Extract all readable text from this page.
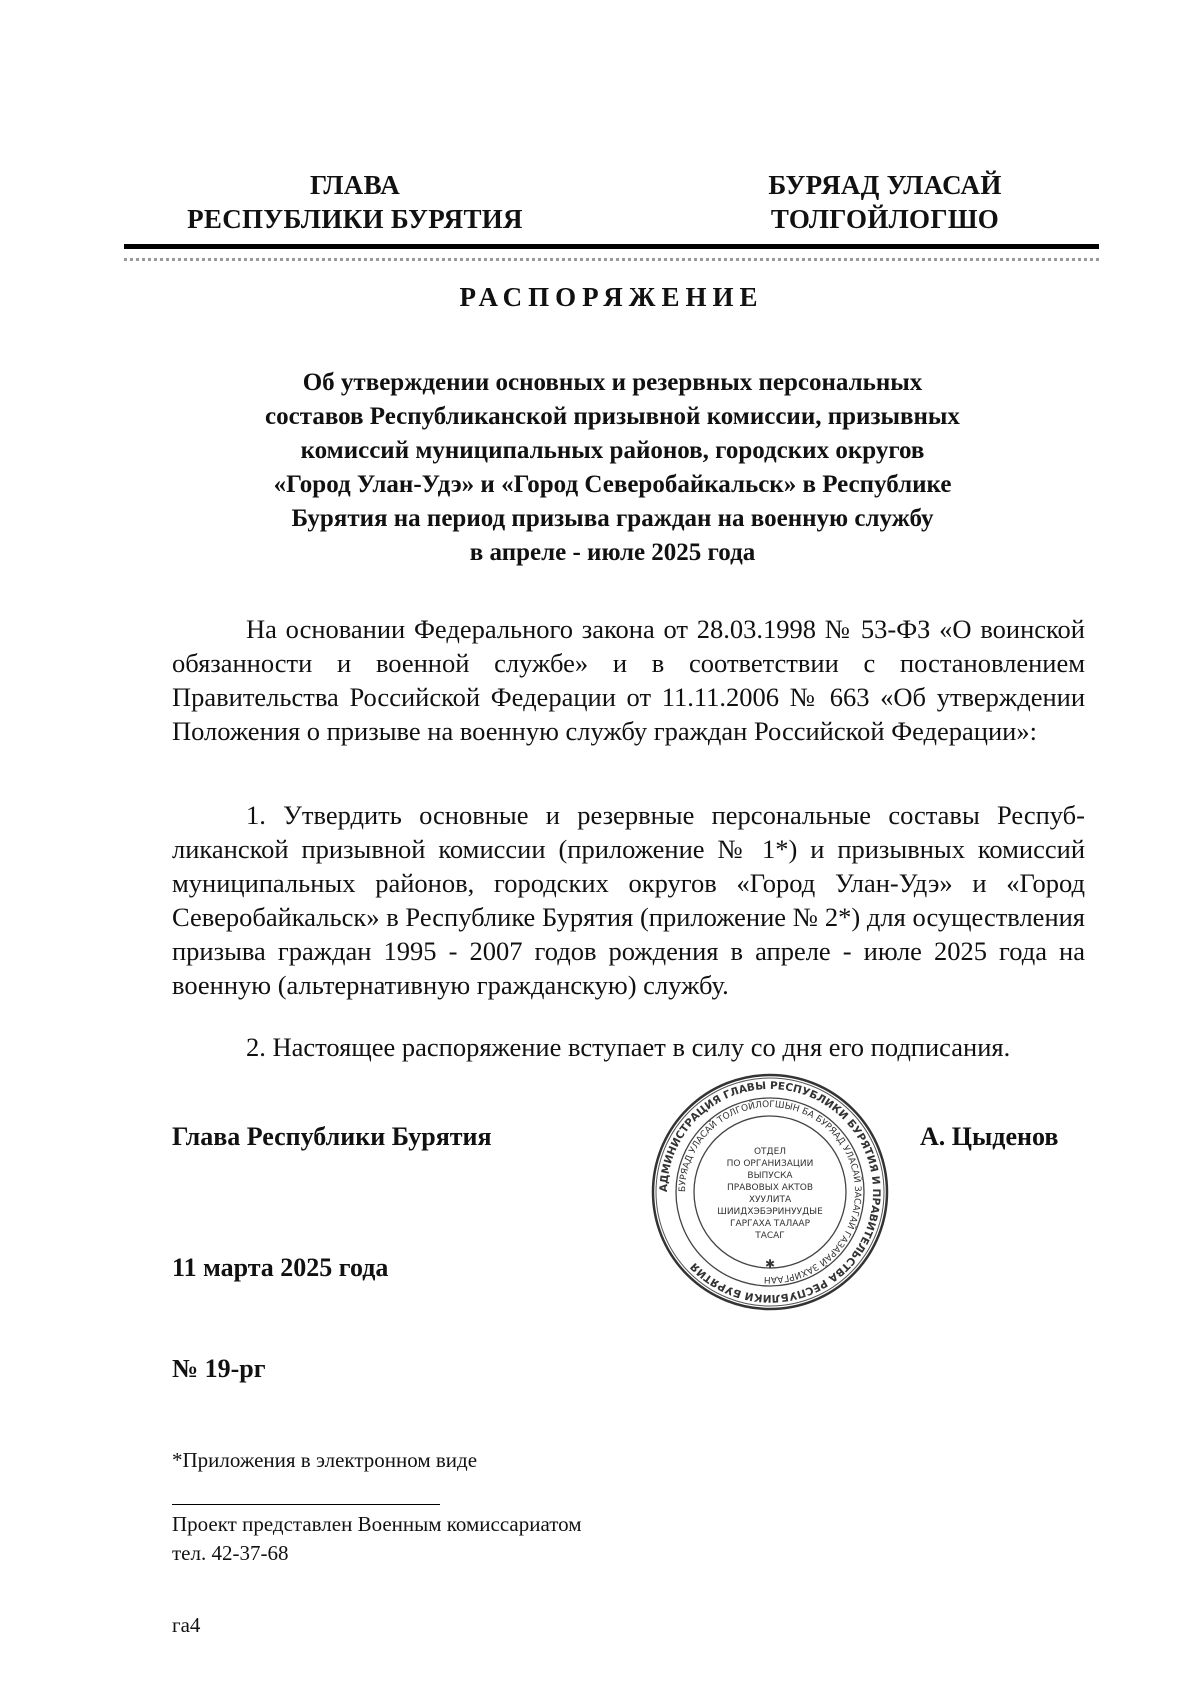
ГЛАВА
РЕСПУБЛИКИ БУРЯТИЯ
БУРЯАД УЛАСАЙ
ТОЛГОЙЛОГШО
РАСПОРЯЖЕНИЕ
Об утверждении основных и резервных персональных
составов Республиканской призывной комиссии, призывных
комиссий муниципальных районов, городских округов
«Город Улан-Удэ» и «Город Северобайкальск» в Республике
Бурятия на период призыва граждан на военную службу
в апреле - июле 2025 года

На основании Федерального закона от 28.03.1998 № 53-ФЗ «О воинской обязанности и военной службе» и в соответствии с постановлением Правительства Российской Федерации от 11.11.2006 № 663 «Об утверждении Положения о призыве на военную службу граждан Российской Федерации»:

1. Утвердить основные и резервные персональные составы Республиканской призывной комиссии (приложение № 1*) и призывных комиссий муниципальных районов, городских округов «Город Улан-Удэ» и «Город Северобайкальск» в Республике Бурятия (приложение № 2*) для осуществления призыва граждан 1995 - 2007 годов рождения в апреле - июле 2025 года на военную (альтернативную гражданскую) службу.

2. Настоящее распоряжение вступает в силу со дня его подписания.

Глава Республики Бурятия
АДМИНИСТРАЦИЯ ГЛАВЫ РЕСПУБЛИКИ БУРЯТИЯ И ПРАВИТЕЛЬСТВА РЕСПУБЛИКИ БУРЯТИЯ
БУРЯАД УЛАСАЙ ТОЛГОЙЛОГШЫН БА БУРЯАД УЛАСАЙ ЗАСАГАЙ ГАЗАРАЙ ЗАХИРГААН
ОТДЕЛ
ПО ОРГАНИЗАЦИИ
ВЫПУСКА
ПРАВОВЫХ АКТОВ
ХУУЛИТА
ШИИДХЭБЭРИНУУДЫЕ
ГАРГАХА ТАЛААР
ТАСАГ
✱
А. Цыденов
11 марта 2025 года
№ 19-рг
*Приложения в электронном виде
Проект представлен Военным комиссариатом
тел. 42-37-68
га4
